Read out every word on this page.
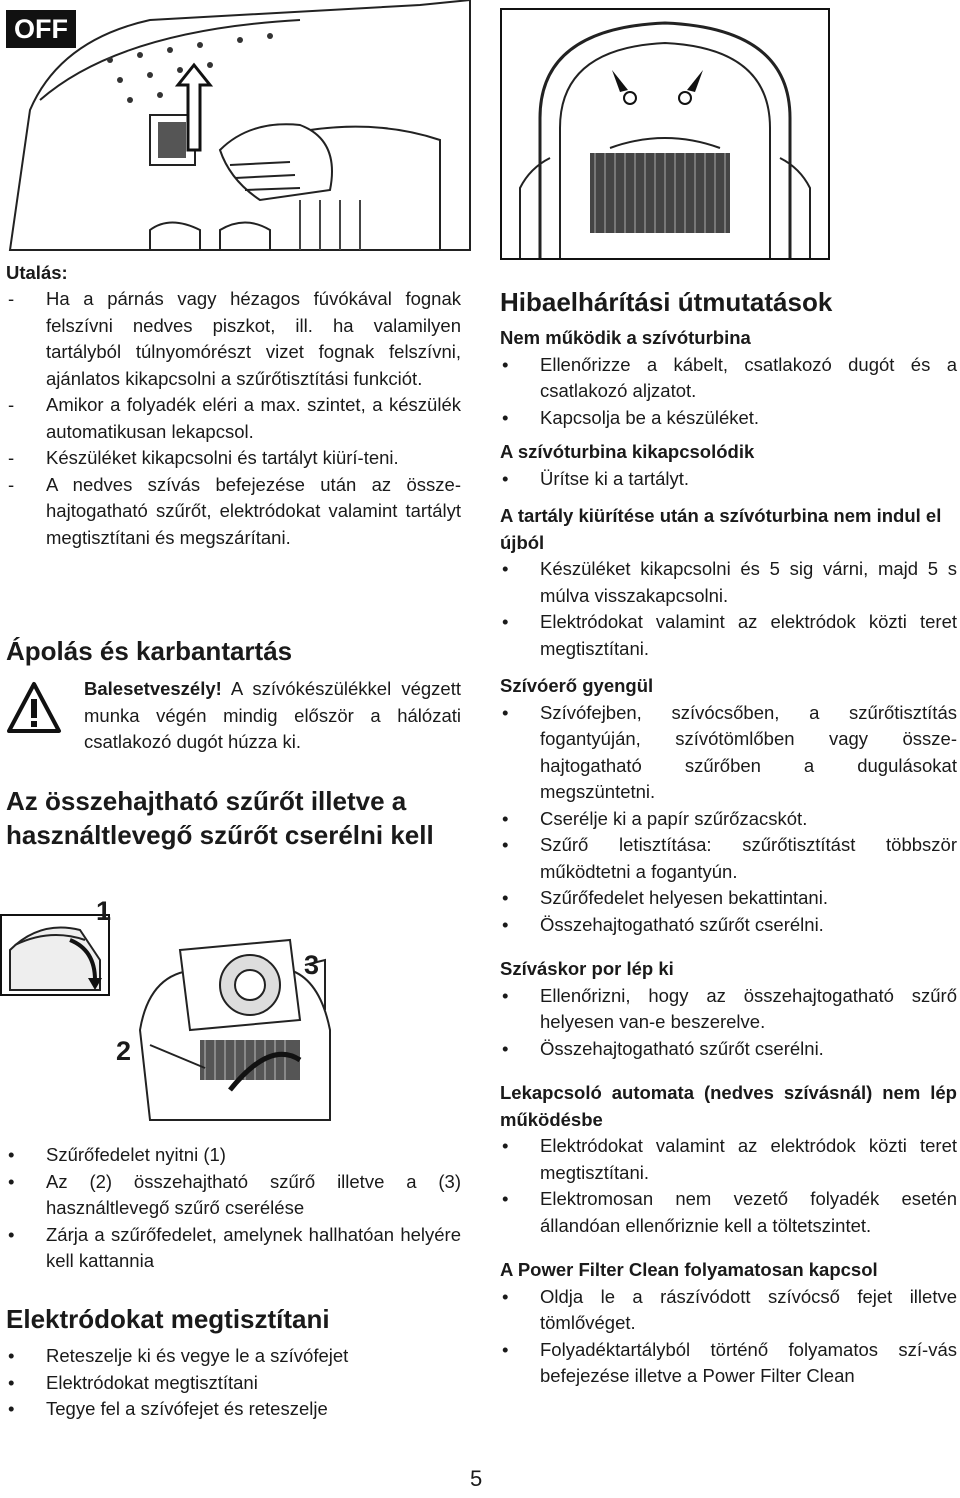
OFF
Utalás:
- Ha a párnás vagy hézagos fúvókával fognak felszívni nedves piszkot, ill. ha valamilyen tartályból túlnyomórészt vizet fognak felszívni, ajánlatos kikapcsolni a szűrőtisztítási funkciót.
- Amikor a folyadék eléri a max. szintet, a készülék automatikusan lekapcsol.
- Készüléket kikapcsolni és tartályt kiürí-teni.
- A nedves szívás befejezése után az össze-hajtogatható szűrőt, elektródokat valamint tartályt megtisztítani és megszárítani.
Ápolás és karbantartás
Balesetveszély! A szívókészülékkel végzett munka végén mindig először a hálózati csatlakozó dugót húzza ki.
Az összehajtható szűrőt illetve a használtlevegő szűrőt cserélni kell
1
2
3
• Szűrőfedelet nyitni (1)
• Az (2) összehajtható szűrő illetve a (3) használtlevegő szűrő cserélése
• Zárja a szűrőfedelet, amelynek hallhatóan helyére kell kattannia
Elektródokat megtisztítani
• Reteszelje ki és vegye le a szívófejet
• Elektródokat megtisztítani
• Tegye fel a szívófejet és reteszelje
Hibaelhárítási útmutatások
Nem működik a szívóturbina
• Ellenőrizze a kábelt, csatlakozó dugót és a csatlakozó aljzatot.
• Kapcsolja be a készüléket.
A szívóturbina kikapcsolódik
• Ürítse ki a tartályt.
A tartály kiürítése után a szívóturbina nem indul el újból
• Készüléket kikapcsolni és 5 sig várni, majd 5 s múlva visszakapcsolni.
• Elektródokat valamint az elektródok közti teret megtisztítani.
Szívóerő gyengül
• Szívófejben, szívócsőben, a szűrőtisztítás fogantyúján, szívótömlőben vagy össze-hajtogatható szűrőben a dugulásokat megszüntetni.
• Cserélje ki a papír szűrőzacskót.
• Szűrő letisztítása: szűrőtisztítást többször működtetni a fogantyún.
• Szűrőfedelet helyesen bekattintani.
• Összehajtogatható szűrőt cserélni.
Szíváskor por lép ki
• Ellenőrizni, hogy az összehajtogatható szűrő helyesen van-e beszerelve.
• Összehajtogatható szűrőt cserélni.
Lekapcsoló automata (nedves szívásnál) nem lép működésbe
• Elektródokat valamint az elektródok közti teret megtisztítani.
• Elektromosan nem vezető folyadék esetén állandóan ellenőriznie kell a töltetszintet.
A Power Filter Clean folyamatosan kapcsol
• Oldja le a rászívódott szívócső fejet illetve tömlővéget.
• Folyadéktartályból történő folyamatos szí-vás befejezése illetve a Power Filter Clean
5
